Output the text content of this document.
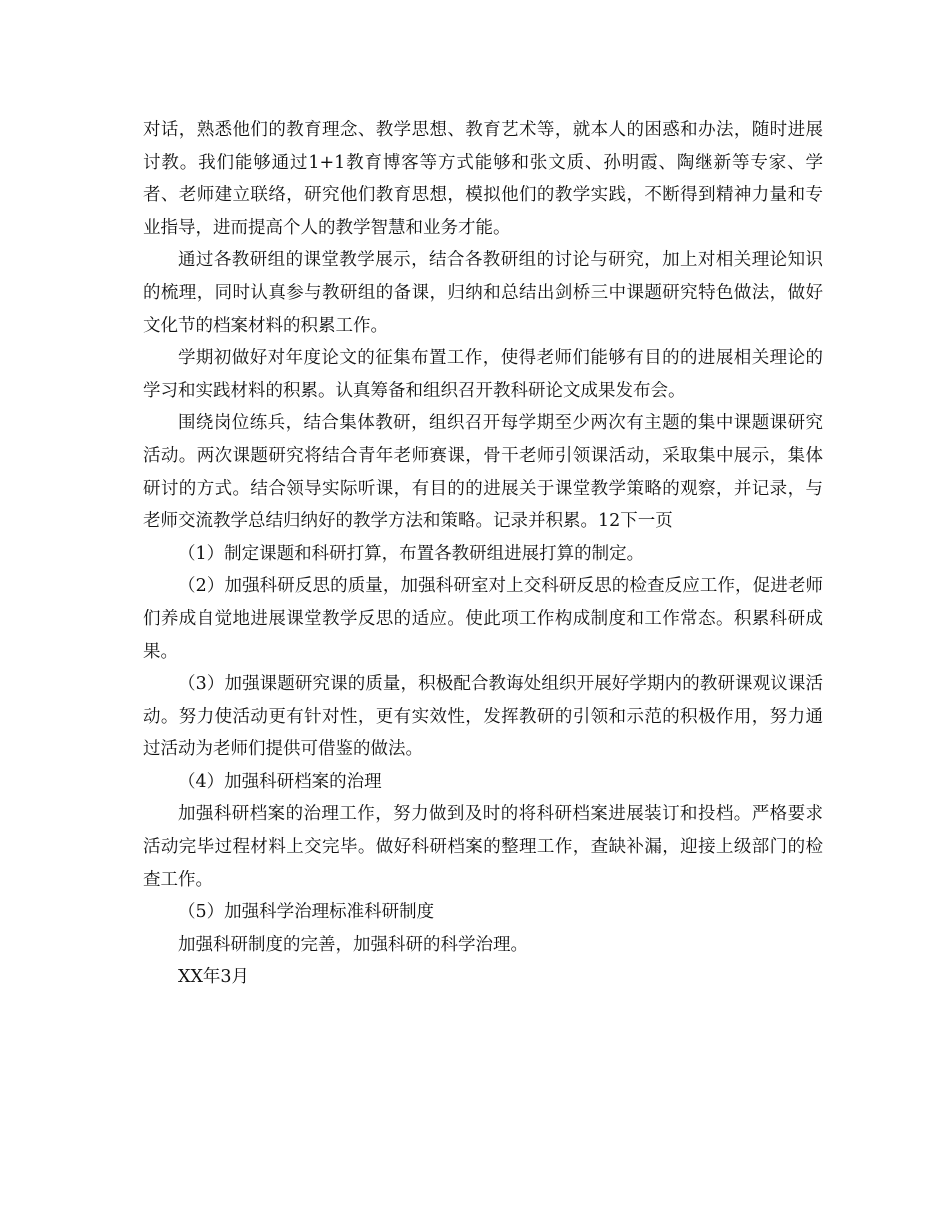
对话，熟悉他们的教育理念、教学思想、教育艺术等，就本人的困惑和办法，随时进展讨教。我们能够通过1+1教育博客等方式能够和张文质、孙明霞、陶继新等专家、学者、老师建立联络，研究他们教育思想，模拟他们的教学实践，不断得到精神力量和专业指导，进而提高个人的教学智慧和业务才能。

通过各教研组的课堂教学展示，结合各教研组的讨论与研究，加上对相关理论知识的梳理，同时认真参与教研组的备课，归纳和总结出剑桥三中课题研究特色做法，做好文化节的档案材料的积累工作。

学期初做好对年度论文的征集布置工作，使得老师们能够有目的的进展相关理论的学习和实践材料的积累。认真筹备和组织召开教科研论文成果发布会。

围绕岗位练兵，结合集体教研，组织召开每学期至少两次有主题的集中课题课研究活动。两次课题研究将结合青年老师赛课，骨干老师引领课活动，采取集中展示，集体研讨的方式。结合领导实际听课，有目的的进展关于课堂教学策略的观察，并记录，与老师交流教学总结归纳好的教学方法和策略。记录并积累。12下一页

（1）制定课题和科研打算，布置各教研组进展打算的制定。

（2）加强科研反思的质量，加强科研室对上交科研反思的检查反应工作，促进老师们养成自觉地进展课堂教学反思的适应。使此项工作构成制度和工作常态。积累科研成果。

（3）加强课题研究课的质量，积极配合教诲处组织开展好学期内的教研课观议课活动。努力使活动更有针对性，更有实效性，发挥教研的引领和示范的积极作用，努力通过活动为老师们提供可借鉴的做法。

（4）加强科研档案的治理

加强科研档案的治理工作，努力做到及时的将科研档案进展装订和投档。严格要求活动完毕过程材料上交完毕。做好科研档案的整理工作，查缺补漏，迎接上级部门的检查工作。

（5）加强科学治理标准科研制度

加强科研制度的完善，加强科研的科学治理。

XX年3月
